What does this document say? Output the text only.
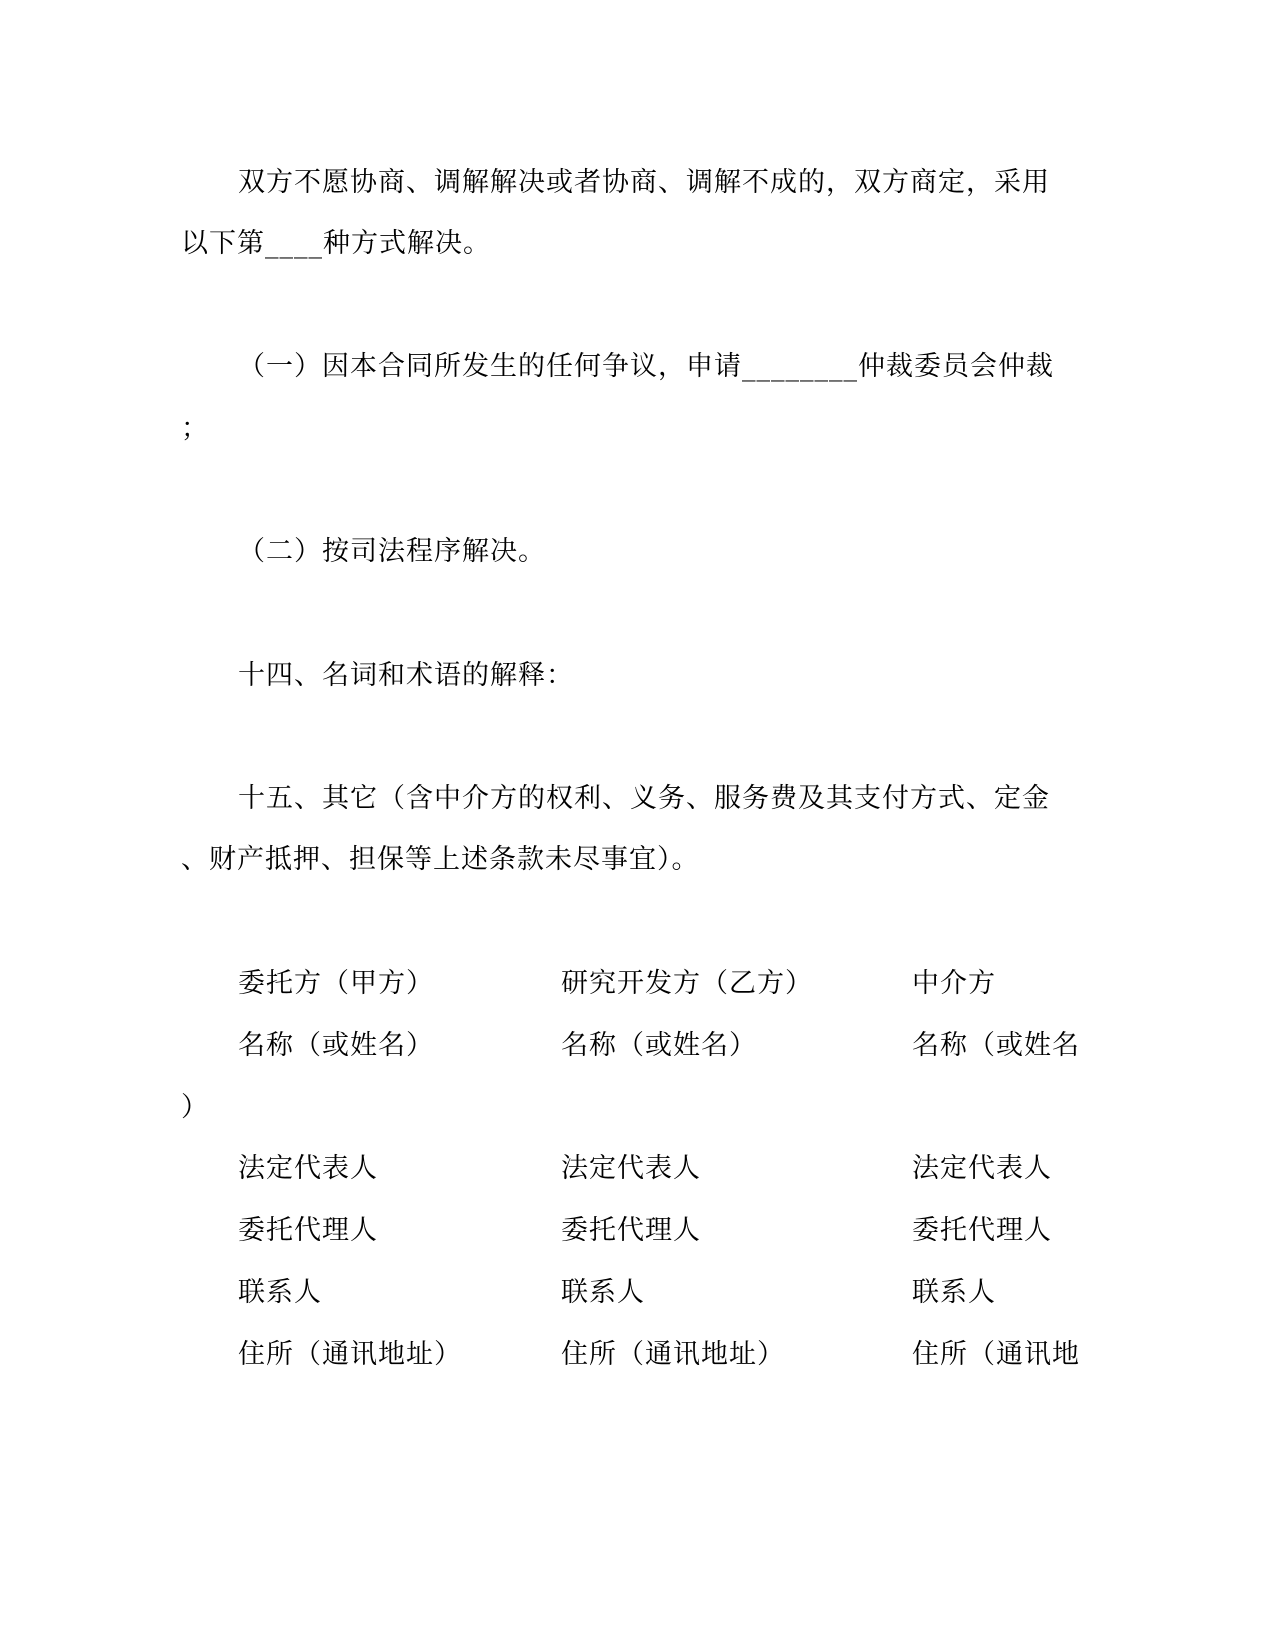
双方不愿协商、调解解决或者协商、调解不成的，双方商定，采用
以下第____种方式解决。
（一）因本合同所发生的任何争议，申请________仲裁委员会仲裁
；
（二）按司法程序解决。
十四、名词和术语的解释：
十五、其它（含中介方的权利、义务、服务费及其支付方式、定金
、财产抵押、担保等上述条款未尽事宜）。
委托方（甲方）	研究开发方（乙方）	中介方
名称（或姓名）	名称（或姓名）	名称（或姓名
）
法定代表人	法定代表人	法定代表人
委托代理人	委托代理人	委托代理人
联系人	联系人	联系人
住所（通讯地址）	住所（通讯地址）	住所（通讯地
